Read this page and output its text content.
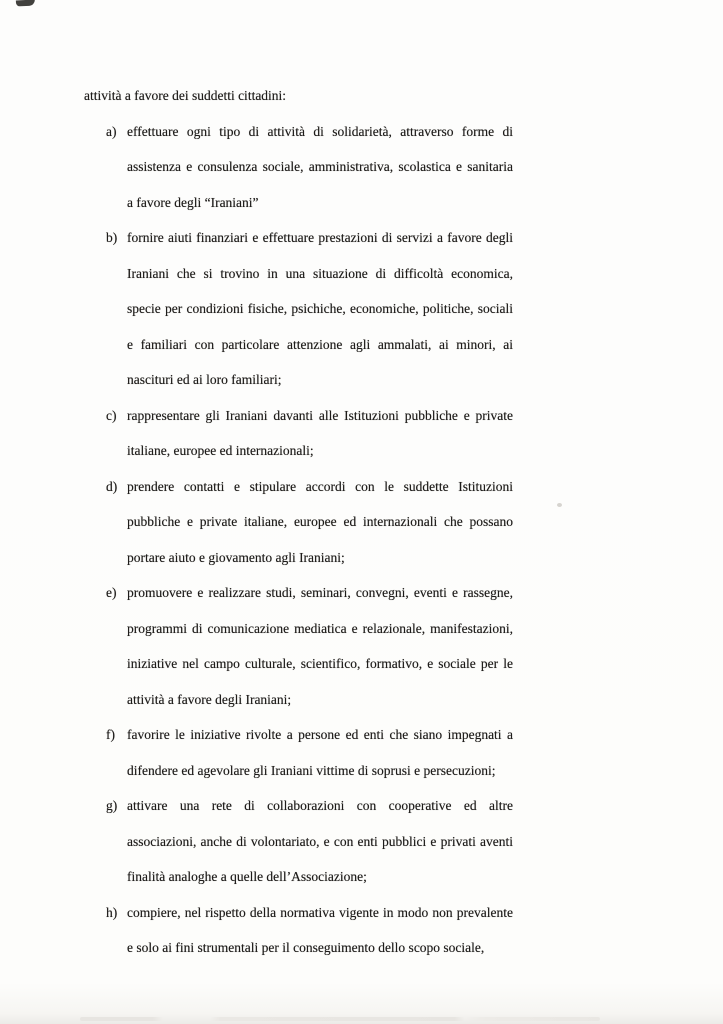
attività a favore dei suddetti cittadini:
a) effettuare ogni tipo di attività di solidarietà, attraverso forme di
assistenza e consulenza sociale, amministrativa, scolastica e sanitaria
a favore degli “Iraniani”
b) fornire aiuti finanziari e effettuare prestazioni di servizi a favore degli
Iraniani che si trovino in una situazione di difficoltà economica,
specie per condizioni fisiche, psichiche, economiche, politiche, sociali
e familiari con particolare attenzione agli ammalati, ai minori, ai
nascituri ed ai loro familiari;
c) rappresentare gli Iraniani davanti alle Istituzioni pubbliche e private
italiane, europee ed internazionali;
d) prendere contatti e stipulare accordi con le suddette Istituzioni
pubbliche e private italiane, europee ed internazionali che possano
portare aiuto e giovamento agli Iraniani;
e) promuovere e realizzare studi, seminari, convegni, eventi e rassegne,
programmi di comunicazione mediatica e relazionale, manifestazioni,
iniziative nel campo culturale, scientifico, formativo, e sociale per le
attività a favore degli Iraniani;
f) favorire le iniziative rivolte a persone ed enti che siano impegnati a
difendere ed agevolare gli Iraniani vittime di soprusi e persecuzioni;
g) attivare una rete di collaborazioni con cooperative ed altre
associazioni, anche di volontariato, e con enti pubblici e privati aventi
finalità analoghe a quelle dell’Associazione;
h) compiere, nel rispetto della normativa vigente in modo non prevalente
e solo ai fini strumentali per il conseguimento dello scopo sociale,
